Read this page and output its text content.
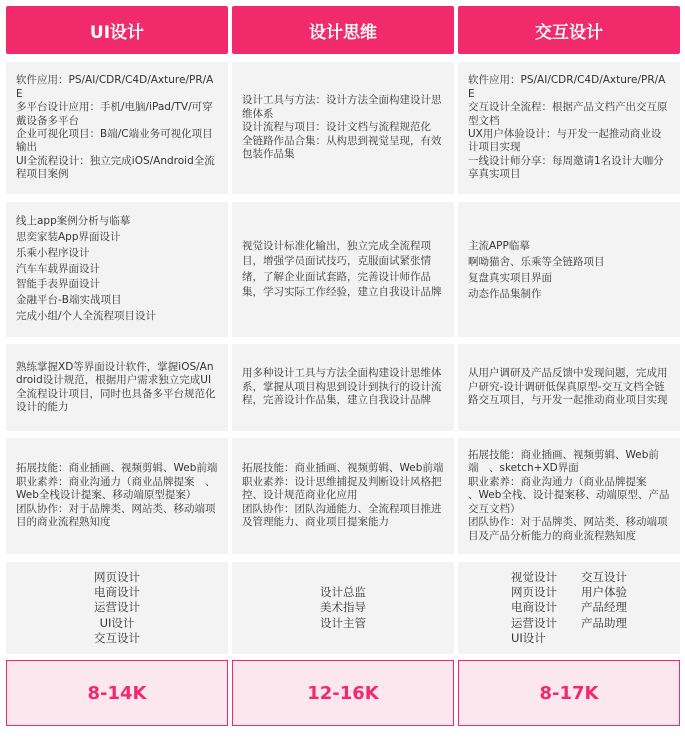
UI设计
软件应用：PS/AI/CDR/C4D/Axture/PR/AE
多平台设计应用：手机/电脑/iPad/TV/可穿戴设备多平台
企业可视化项目：B端/C端业务可视化项目输出
UI全流程设计：独立完成iOS/Android全流程项目案例
线上app案例分析与临摹
思奕家装App界面设计
乐乘小程序设计
汽车车载界面设计
智能手表界面设计
金融平台-B端实战项目
完成小组/个人全流程项目设计
熟练掌握XD等界面设计软件，掌握iOS/Android设计规范，根据用户需求独立完成UI全流程设计项目，同时也具备多平台规范化设计的能力
拓展技能：商业插画、视频剪辑、Web前端
职业素养：商业沟通力（商业品牌提案　、Web全栈设计提案、移动端原型提案）
团队协作：对于品牌类、网站类、移动端项目的商业流程熟知度
网页设计
电商设计
运营设计
UI设计
交互设计
8-14K
设计思维
设计工具与方法：设计方法全面构建设计思维体系
设计流程与项目：设计文档与流程规范化
全链路作品合集：从构思到视觉呈现，有效包装作品集
视觉设计标准化输出，独立完成全流程项目，增强学员面试技巧，克服面试紧张情绪，了解企业面试套路，完善设计师作品集，学习实际工作经验，建立自我设计品牌
用多种设计工具与方法全面构建设计思维体系，掌握从项目构思到设计到执行的设计流程，完善设计作品集，建立自我设计品牌
拓展技能：商业插画、视频剪辑、Web前端
职业素养：设计思维捕捉及判断设计风格把控、设计规范商业化应用
团队协作：团队沟通能力、全流程项目推进及管理能力、商业项目提案能力
设计总监
美术指导
设计主管
12-16K
交互设计
软件应用：PS/AI/CDR/C4D/Axture/PR/AE
交互设计全流程：根据产品文档产出交互原型文档
UX用户体验设计：与开发一起推动商业设计项目实现
一线设计师分享：每周邀请1名设计大咖分享真实项目
主流APP临摹
啊呦猫舍、乐乘等全链路项目
复盘真实项目界面
动态作品集制作
从用户调研及产品反馈中发现问题，完成用户研究-设计调研低保真原型-交互文档全链路交互项目，与开发一起推动商业项目实现
拓展技能：商业插画、视频剪辑、Web前端　、sketch+XD界面
职业素养：商业沟通力（商业品牌提案　　、Web全栈、设计提案移、动端原型、产品交互文档）
团队协作：对于品牌类、网站类、移动端项目及产品分析能力的商业流程熟知度
视觉设计 交互设计
网页设计 用户体验
电商设计 产品经理
运营设计 产品助理
UI设计
8-17K
